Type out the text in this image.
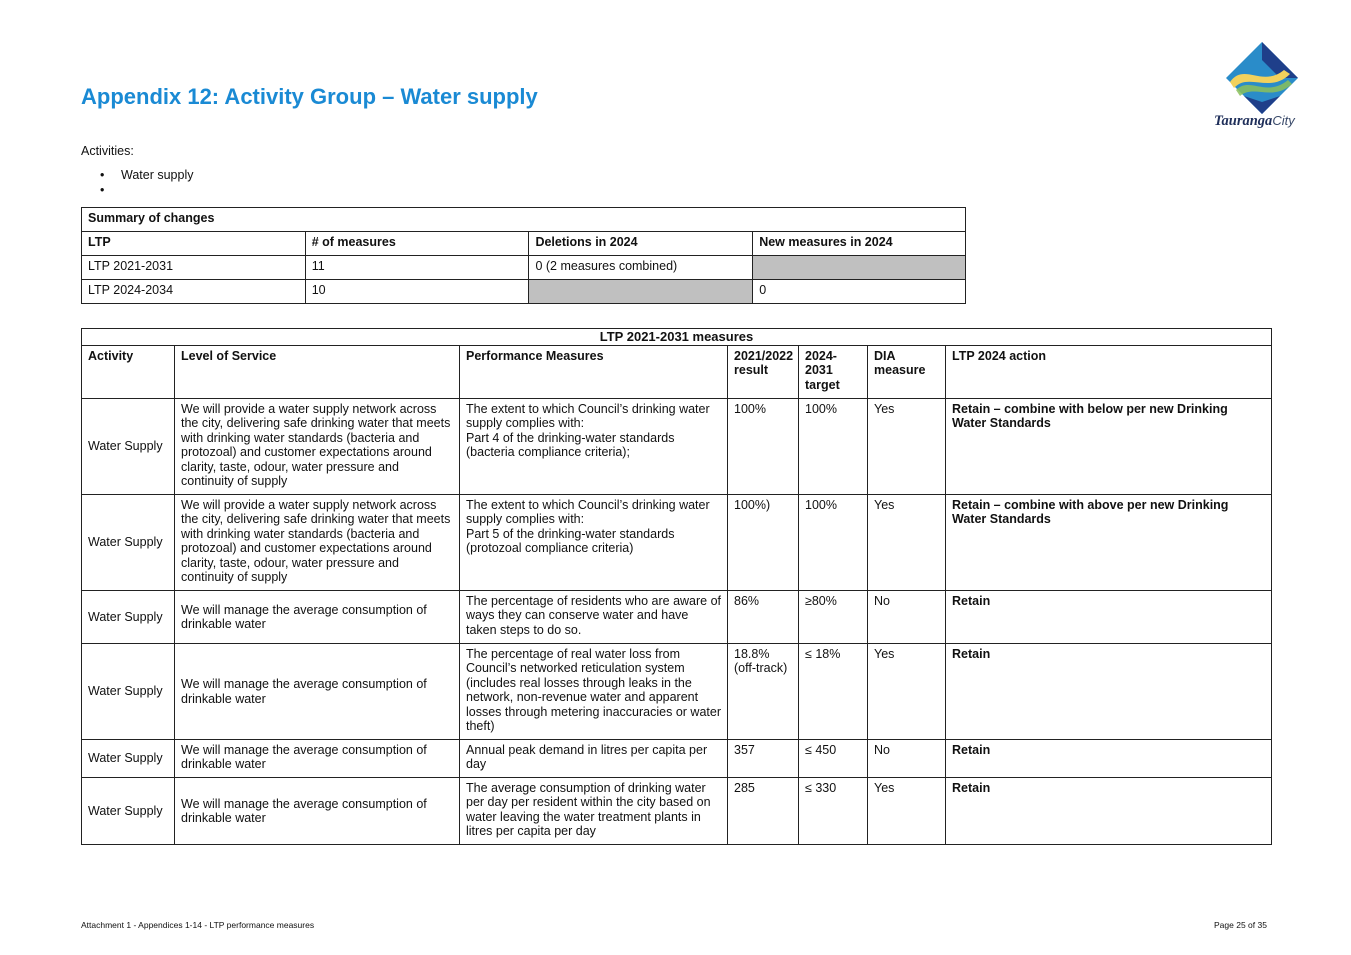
Appendix 12: Activity Group – Water supply
TaurangaCity
Activities:
• Water supply
•
Summary of changes			
LTP	# of measures	Deletions in 2024	New measures in 2024
LTP 2021-2031	11	0 (2 measures combined)	
LTP 2024-2034	10		0
LTP 2021-2031 measures						
Activity	Level of Service	Performance Measures	2021/2022 result	2024-2031 target	DIA measure	LTP 2024 action
Water Supply	We will provide a water supply network across the city, delivering safe drinking water that meets with drinking water standards (bacteria and protozoal) and customer expectations around clarity, taste, odour, water pressure and continuity of supply	The extent to which Council’s drinking water supply complies with:
Part 4 of the drinking-water standards (bacteria compliance criteria);	100%	100%	Yes	Retain – combine with below per new Drinking Water Standards
Water Supply	We will provide a water supply network across the city, delivering safe drinking water that meets with drinking water standards (bacteria and protozoal) and customer expectations around clarity, taste, odour, water pressure and continuity of supply	The extent to which Council’s drinking water supply complies with:
Part 5 of the drinking-water standards (protozoal compliance criteria)	100%)	100%	Yes	Retain – combine with above per new Drinking Water Standards
Water Supply	We will manage the average consumption of drinkable water	The percentage of residents who are aware of ways they can conserve water and have taken steps to do so.	86%	≥80%	No	Retain
Water Supply	We will manage the average consumption of drinkable water	The percentage of real water loss from Council’s networked reticulation system (includes real losses through leaks in the network, non-revenue water and apparent losses through metering inaccuracies or water theft)	18.8% (off-track)	≤ 18%	Yes	Retain
Water Supply	We will manage the average consumption of drinkable water	Annual peak demand in litres per capita per day	357	≤ 450	No	Retain
Water Supply	We will manage the average consumption of drinkable water	The average consumption of drinking water per day per resident within the city based on water leaving the water treatment plants in litres per capita per day	285	≤ 330	Yes	Retain
Attachment 1 - Appendices 1-14 - LTP performance measures	Page 25 of 35
